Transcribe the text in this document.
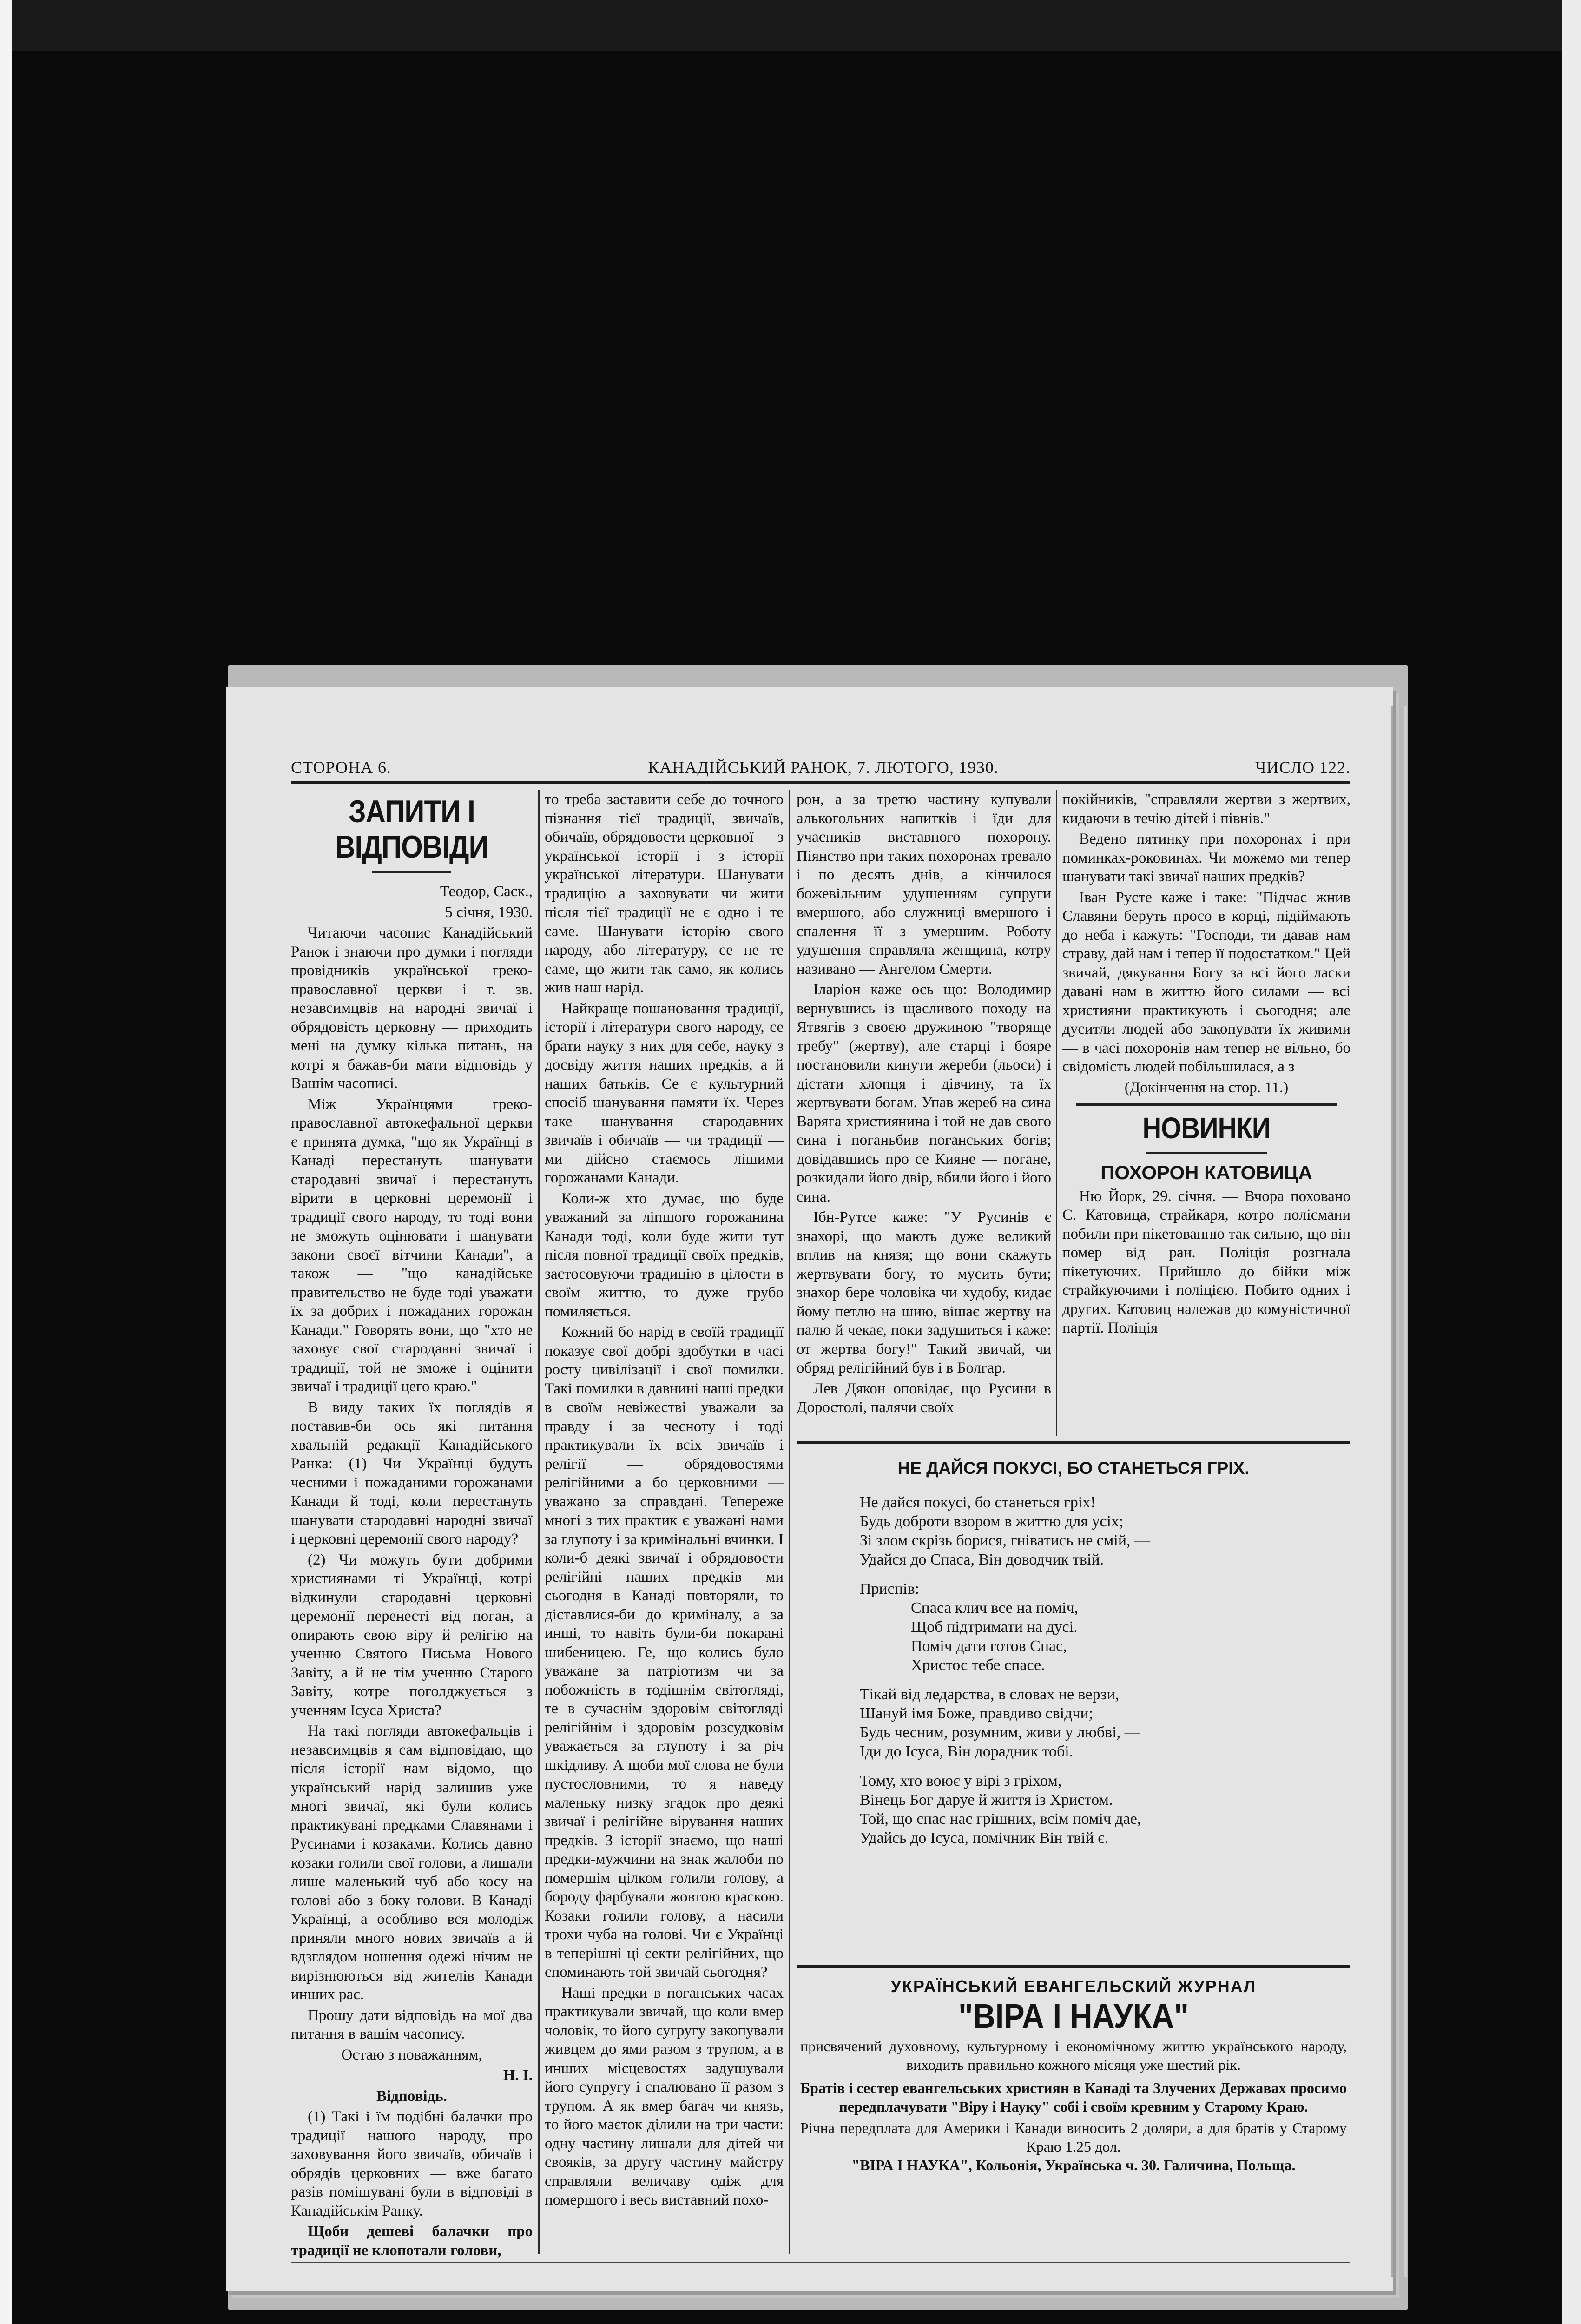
СТОРОНА 6.	КАНАДІЙСЬКИЙ РАНОК, 7. ЛЮТОГО, 1930.	ЧИСЛО 122.
ЗАПИТИ І ВІДПОВІДИ

Теодор, Саск.,

5 січня, 1930.

Читаючи часопис Канадійський Ранок і знаючи про думки і погляди провідників української греко-православної церкви і т. зв. незавсимцвів на народні звичаї і обрядовість церковну — приходить мені на думку кілька питань, на котрі я бажав-би мати відповідь у Вашім часописі.

Між Українцями греко-православної автокефальної церкви є принята думка, "що як Українці в Канаді перестануть шанувати стародавні звичаї і перестануть вірити в церковні церемонії і традиції свого народу, то тоді вони не зможуть оцінювати і шанувати закони своєї вітчини Канади", а також — "що канадійське правительство не буде тоді уважати їх за добрих і пожаданих горожан Канади." Говорять вони, що "хто не заховує свої стародавні звичаї і традиції, той не зможе і оцінити звичаї і традиції цего краю."

В виду таких їх поглядів я поставив-би ось які питання хвальній редакції Канадійського Ранка: (1) Чи Українці будуть чесними і пожаданими горожанами Канади й тоді, коли перестануть шанувати стародавні народні звичаї і церковні церемонії свого народу?

(2) Чи можуть бути добрими християнами ті Українці, котрі відкинули стародавні церковні церемонії перенесті від поган, а опирають свою віру й релігію на ученню Святого Письма Нового Завіту, а й не тім ученню Старого Завіту, котре поголджується з ученням Ісуса Христа?

На такі погляди автокефальців і незавсимцвів я сам відповідаю, що після історії нам відомо, що український нарід залишив уже многі звичаї, які були колись практикувані предками Славянами і Русинами і козаками. Колись давно козаки голили свої голови, а лишали лише маленький чуб або косу на голові або з боку голови. В Канаді Українці, а особливо вся молодіж приняли много нових звичаїв а й вдзглядом ношення одежі нічим не вирізнюються від жителів Канади инших рас.

Прошу дати відповідь на мої два питання в вашім часопису.

Остаю з поважанням,

Н. І.

Відповідь.

(1) Такі і їм подібні балачки про традиції нашого народу, про заховування його звичаїв, обичаїв і обрядів церковних — вже багато разів помішувані були в відповіді в Канадійськім Ранку.

Щоби дешеві балачки про традиції не клопотали голови,

то треба заставити себе до точного пізнання тієї традиції, звичаїв, обичаїв, обрядовости церковної — з української історії і з історії української літератури. Шанувати традицію а заховувати чи жити після тієї традиції не є одно і те саме. Шанувати історію свого народу, або літературу, се не те саме, що жити так само, як колись жив наш нарід.

Найкраще пошановання традиції, історії і літератури свого народу, се брати науку з них для себе, науку з досвіду життя наших предків, а й наших батьків. Се є культурний спосіб шанування памяти їх. Через таке шанування стародавних звичаїв і обичаїв — чи традиції — ми дійсно стаємось лішими горожанами Канади.

Коли-ж хто думає, що буде уважаний за ліпшого горожанина Канади тоді, коли буде жити тут після повної традиції своїх предків, застосовуючи традицію в цілости в своїм життю, то дуже грубо помиляється.

Кожний бо нарід в своїй традиції показує свої добрі здобутки в часі росту цивілізації і свої помилки. Такі помилки в давнині наші предки в своїм невіжестві уважали за правду і за чесноту і тоді практикували їх всіх звичаїв і релігії — обрядовостями релігійними а бо церковними — уважано за справдані. Тепереже многі з тих практик є уважані нами за глупоту і за кримінальні вчинки. І коли-б деякі звичаї і обрядовости релігійні наших предків ми сьогодня в Канаді повторяли, то діставлися-би до криміналу, а за инші, то навіть були-би покарані шибеницею. Ге, що колись було уважане за патріотизм чи за побожність в тодішнім світогляді, те в сучаснім здоровім світогляді релігійнім і здоровім розсудковім уважається за глупоту і за річ шкідливу. А щоби мої слова не були пустословними, то я наведу маленьку низку згадок про деякі звичаї і релігійне вірування наших предків. З історії знаємо, що наші предки-мужчини на знак жалоби по помершім цілком голили голову, а бороду фарбували жовтою краскою. Козаки голили голову, а нaсили трохи чуба на голові. Чи є Українці в теперішні ці секти релігійних, що споминають той звичай сьогодня?

Наші предки в поганських часах практикували звичай, що коли вмер чоловік, то його сугругу закопували живцем до ями разом з трупом, а в инших місцевостях задушували його супругу і спалювано її разом з трупом. А як вмер багач чи князь, то його маєток ділили на три части: одну частину лишали для дітей чи свояків, за другу частину майстру справляли величаву одіж для помершого і весь виставний похо-

рон, а за третю частину купували алькогольних напитків і їди для учасників виставного похорону. Піянство при таких похоронах тревало і по десять днів, а кінчилося божевільним удушенням супруги вмершого, або служниці вмершого і спалення її з умершим. Роботу удушення справляла женщина, котру називано — Ангелом Смерти.

Іларіон каже ось що: Володимир вернувшись із щасливого походу на Ятвягів з своєю дружиною "творяще требу" (жертву), але старці і бояре постановили кинути жереби (льоси) і дістати хлопця і дівчину, та їх жертвувати богам. Упав жереб на сина Варяга християнина і той не дав свого сина і поганьбив поганських богів; довідавшись про се Кияне — погане, розкидали його двір, вбили його і його сина.

Ібн-Рутсе каже: "У Русинів є знахорі, що мають дуже великий вплив на князя; що вони скажуть жертвувати богу, то мусить бути; знахор бере чоловіка чи худобу, кидає йому петлю на шию, вішає жертву на палю й чекає, поки задушиться і каже: от жертва богу!" Такий звичай, чи обряд релігійний був і в Болгар.

Лев Дякон оповідає, що Русини в Доростолі, палячи своїх

покійників, "справляли жертви з жертвих, кидаючи в течію дітей і півнів."

Ведено пятинку при похоронах і при поминках-роковинах. Чи можемо ми тепер шанувати такі звичаї наших предків?

Іван Русте каже і таке: "Підчас жнив Славяни беруть просо в корці, підіймають до неба і кажуть: "Господи, ти давав нам страву, дай нам і тепер її подостатком." Цей звичай, дякування Богу за всі його ласки давані нам в життю його силами — всі християни практикують і сьогодня; але дуситли людей або закопувати їх живими — в часі похоронів нам тепер не вільно, бо свідомість людей побільшилася, а з

(Докінчення на стор. 11.)

НОВИНКИ
ПОХОРОН КАТОВИЦА

Ню Йорк, 29. січня. — Вчора поховано С. Катовица, страйкаря, котро полісмани побили при пікетованню так сильно, що він помер від ран. Поліція розгналa пікетуючих. Прийшло до бійки між страйкуючими і поліцією. Побито одних і других. Катовиц належав до комуністичної партії. Поліція

НЕ ДАЙСЯ ПОКУСІ, БО СТАНЕТЬСЯ ГРІХ.
Не дайся покусі, бо станеться гріх!
Будь доброти взором в життю для усіх;
Зі злом скрізь борися, гніватись не смій, —
Удайся до Спаса, Він доводчик твій.
Приспів:
Спаса клич все на поміч,
Щоб підтримати на дусі.
Поміч дати готов Спас,
Христос тебе спасе.
Тікай від ледарства, в словах не верзи,
Шануй імя Боже, правдиво свідчи;
Будь чесним, розумним, живи у любві, —
Іди до Ісуса, Він дорадник тобі.
Тому, хто воює у вірі з гріхом,
Вінець Бог даруе й життя із Христом.
Той, що спас нас грішних, всім поміч дае,
Удайсь до Ісуса, помічник Він твій є.
УКРАЇНСЬКИЙ ЕВАНГЕЛЬСКИЙ ЖУРНАЛ
"ВІРА І НАУКА"
присвячений духовному, культурному і економічному життю українського народу, виходить правильно кожного місяця уже шестий рік.
Братів і сестер евангельських християн в Канаді та Злучених Державах просимо передплачувати "Віру і Науку" собі і своїм кревним у Старому Краю.
Річна передплата для Америки і Канади виносить 2 доляри, а для братів у Старому Краю 1.25 дол.
"ВІРА І НАУКА", Кольонія, Українська ч. 30. Галичина, Польща.
